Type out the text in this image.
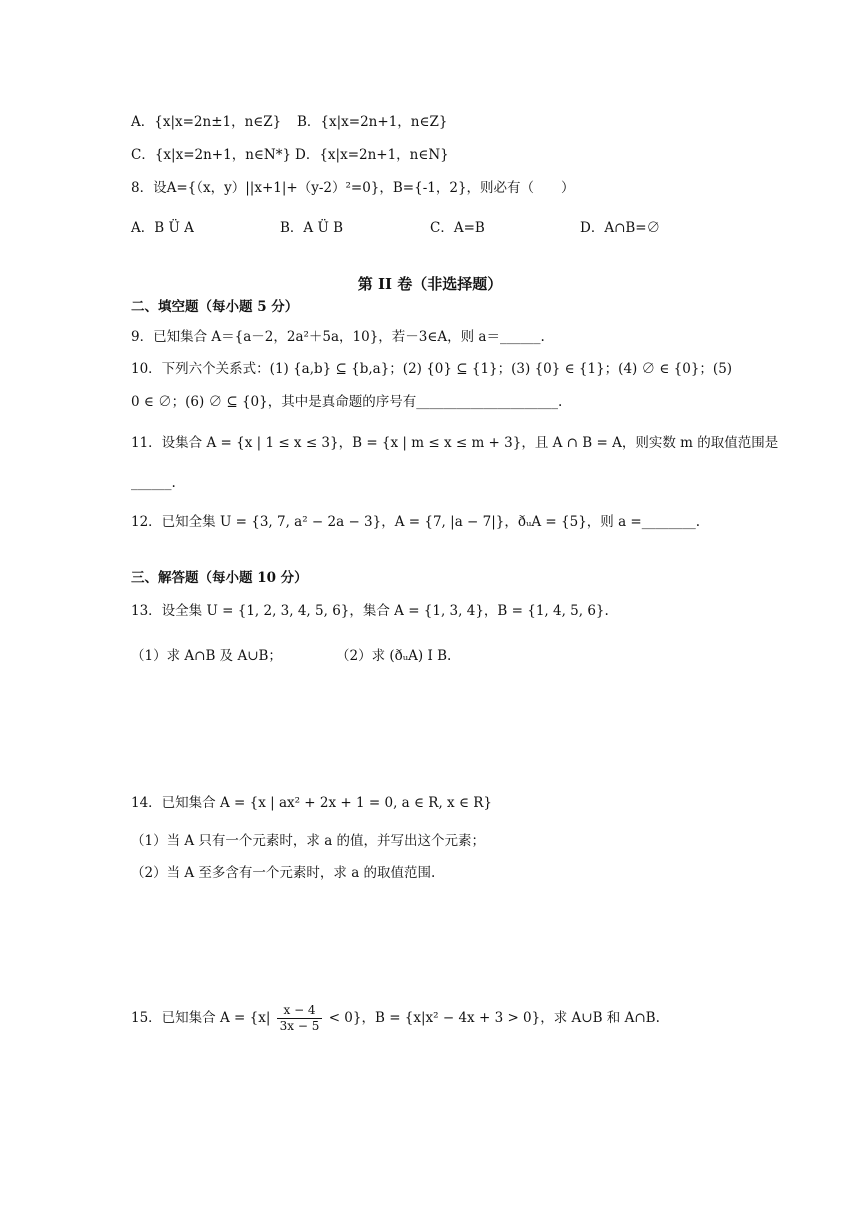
A．{x|x=2n±1，n∈Z} B．{x|x=2n+1，n∈Z}
C．{x|x=2n+1，n∈N*} D．{x|x=2n+1，n∈N}
8．设A={（x，y）||x+1|+（y-2）²=0}，B={-1，2}，则必有（　　）
A．B Ü A	B．A Ü B	C．A=B	D．A∩B=∅
第 II 卷（非选择题）
二、填空题（每小题 5 分）
9．已知集合 A＝{a－2，2a²＋5a，10}，若－3∈A，则 a＝______.
10．下列六个关系式：(1) {a,b} ⊆ {b,a}；(2) {0} ⊆ {1}；(3) {0} ∈ {1}；(4) ∅ ∈ {0}；(5)
0 ∈ ∅；(6) ∅ ⊆ {0}，其中是真命题的序号有_____________________.
11．设集合 A = {x | 1 ≤ x ≤ 3}，B = {x | m ≤ x ≤ m + 3}，且 A ∩ B = A，则实数 m 的取值范围是
______.
12．已知全集 U = {3, 7, a² − 2a − 3}，A = {7, |a − 7|}，ðᵤA = {5}，则 a =________.
三、解答题（每小题 10 分）
13．设全集 U = {1, 2, 3, 4, 5, 6}，集合 A = {1, 3, 4}，B = {1, 4, 5, 6}.
（1）求 A∩B 及 A∪B；	（2）求 (ðᵤA) I B.
14．已知集合 A = {x | ax² + 2x + 1 = 0, a ∈ R, x ∈ R}
（1）当 A 只有一个元素时，求 a 的值，并写出这个元素；
（2）当 A 至多含有一个元素时，求 a 的取值范围.
15．已知集合 $A = \{x| \frac{x - 4}{3x - 5} < 0\}$，B = {x|x² − 4x + 3 > 0}，求 A∪B 和 A∩B.
